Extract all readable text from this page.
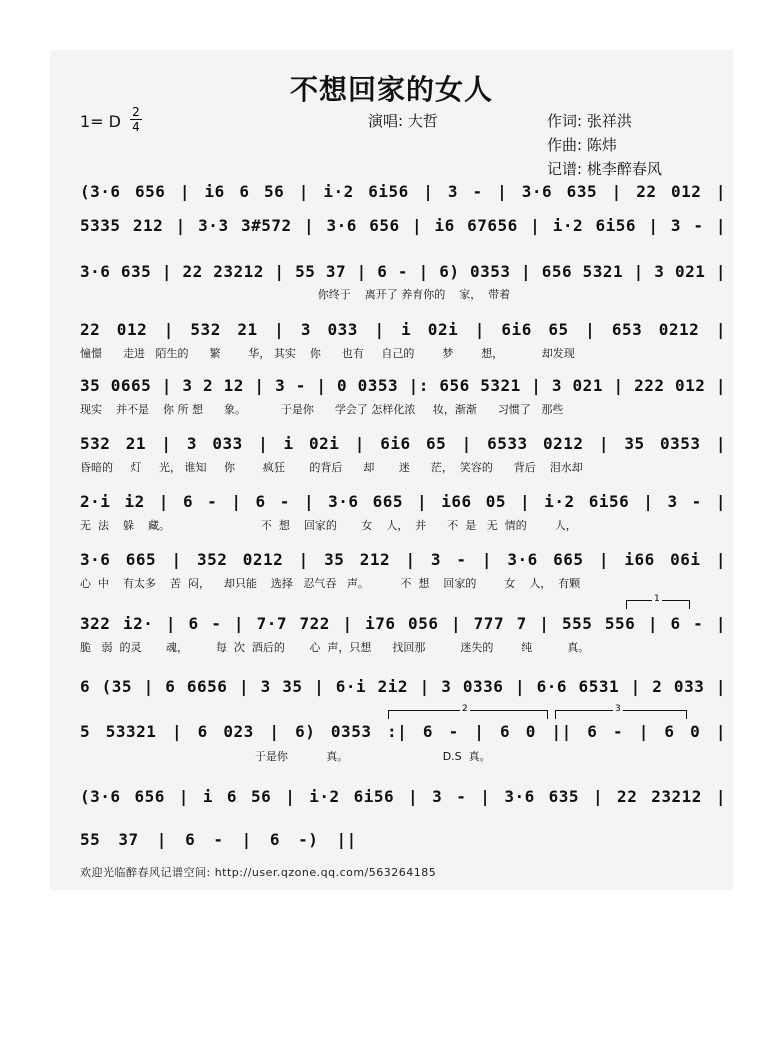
不想回家的女人
1= D 2
4	演唱: 大哲	作词: 张祥洪
作曲: 陈炜
记谱: 桃李醉春风
(3·6 656 | i6 6 56 | i·2 6i56 | 3 - | 3·6 635 | 22 012 |
5335 212 | 3·3 3#572 | 3·6 656 | i6 67656 | i·2 6i56 | 3 - |
3·6 635 | 22 23212 | 55 37 | 6 - | 6) 0353 | 656 5321 | 3 021 |
你终于    离开了 养育你的    家，  带着
22 012 | 532 21 | 3 033 | i 02i | 6i6 65 | 653 0212 |
憧憬      走进   陌生的      繁        华， 其实    你      也有     自己的        梦        想，           却发现
35 0665 | 3 2 12 | 3 - | 0 0353 |: 656 5321 | 3 021 | 222 012 |
现实    并不是    你 所 想      象。          于是你      学会了 怎样化浓     妆，渐渐      习惯了   那些
532 21 | 3 033 | i 02i | 6i6 65 | 6533 0212 | 35 0353 |
昏暗的     灯     光， 谁知     你        疯狂       的背后      却       迷      茫，  笑容的      背后    泪水却
2·i i2 | 6 - | 6 - | 3·6 665 | i66 05 | i·2 6i56 | 3 - |
无  法    躲    藏。                          不  想    回家的       女    人，  并      不  是   无  情的        人，
3·6 665 | 352 0212 | 35 212 | 3 - | 3·6 665 | i66 06i |
心  中    有太多    苦  闷，    却只能    选择   忍气吞   声。         不  想    回家的        女    人，  有颗
1
322 i2· | 6 - | 7·7 722 | i76 056 | 777 7 | 555 556 | 6 - |
脆   弱  的灵       魂，        每  次  酒后的       心  声，只想      找回那          迷失的        纯          真。
6 (35 | 6 6656 | 3 35 | 6·i 2i2 | 3 0336 | 6·6 6531 | 2 033 |
2	3
5 53321 | 6 023 | 6) 0353 :| 6 - | 6 0 || 6 - | 6 0 |
于是你           真。                           D.S  真。
(3·6 656 | i 6 56 | i·2 6i56 | 3 - | 3·6 635 | 22 23212 |
55 37 | 6 - | 6 -) ||
欢迎光临醉春风记谱空间: http://user.qzone.qq.com/563264185
